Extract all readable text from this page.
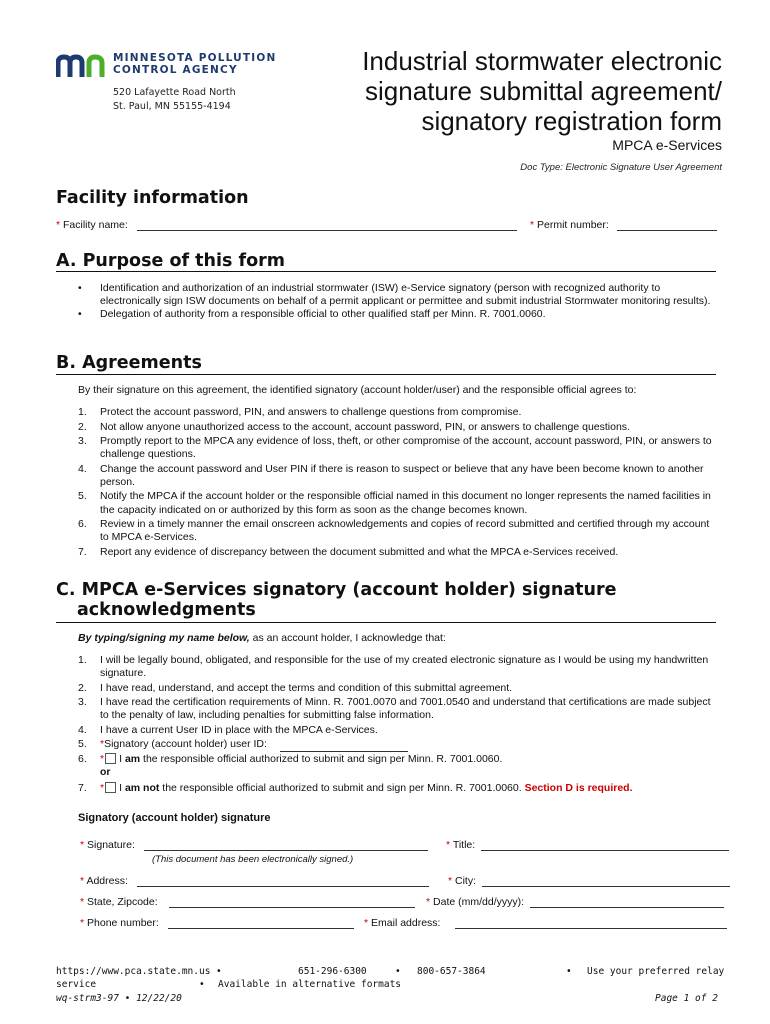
MINNESOTA POLLUTION
CONTROL AGENCY
520 Lafayette Road North
St. Paul, MN 55155-4194
Industrial stormwater electronic
signature submittal agreement/
signatory registration form
MPCA e-Services
Doc Type: Electronic Signature User Agreement
Facility information
* Facility name:	* Permit number:
A. Purpose of this form
• Identification and authorization of an industrial stormwater (ISW) e-Service signatory (person with recognized authority to electronically sign ISW documents on behalf of a permit applicant or permittee and submit industrial Stormwater monitoring results).
• Delegation of authority from a responsible official to other qualified staff per Minn. R. 7001.0060.
B. Agreements
By their signature on this agreement, the identified signatory (account holder/user) and the responsible official agrees to:
1. Protect the account password, PIN, and answers to challenge questions from compromise.
2. Not allow anyone unauthorized access to the account, account password, PIN, or answers to challenge questions.
3. Promptly report to the MPCA any evidence of loss, theft, or other compromise of the account, account password, PIN, or answers to challenge questions.
4. Change the account password and User PIN if there is reason to suspect or believe that any have been become known to another person.
5. Notify the MPCA if the account holder or the responsible official named in this document no longer represents the named facilities in the capacity indicated on or authorized by this form as soon as the change becomes known.
6. Review in a timely manner the email onscreen acknowledgements and copies of record submitted and certified through my account to MPCA e-Services.
7. Report any evidence of discrepancy between the document submitted and what the MPCA e-Services received.
C. MPCA e-Services signatory (account holder) signature
acknowledgments
By typing/signing my name below, as an account holder, I acknowledge that:
1. I will be legally bound, obligated, and responsible for the use of my created electronic signature as I would be using my handwritten signature.
2. I have read, understand, and accept the terms and condition of this submittal agreement.
3. I have read the certification requirements of Minn. R. 7001.0070 and 7001.0540 and understand that certifications are made subject to the penalty of law, including penalties for submitting false information.
4. I have a current User ID in place with the MPCA e-Services.
5. *Signatory (account holder) user ID:
6. * I am the responsible official authorized to submit and sign per Minn. R. 7001.0060.
or
7. * I am not the responsible official authorized to submit and sign per Minn. R. 7001.0060. Section D is required.
Signatory (account holder) signature
* Signature:	* Title:
(This document has been electronically signed.)
* Address:	* City:
* State, Zipcode:	* Date (mm/dd/yyyy):
* Phone number:	* Email address:
https://www.pca.state.mn.us •	651-296-6300	• 800-657-3864	• Use your preferred relay
service	• Available in alternative formats
wq-strm3-97 • 12/22/20	Page 1 of 2
